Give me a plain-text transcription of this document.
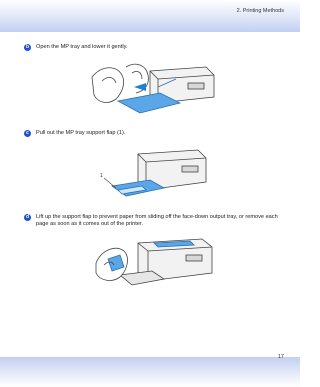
2. Printing Methods
b	Open the MP tray and lower it gently.
c	Pull out the MP tray support flap (1).
1
d	Lift up the support flap to prevent paper from sliding off the face-down output tray, or remove each page as soon as it comes out of the printer.
17
